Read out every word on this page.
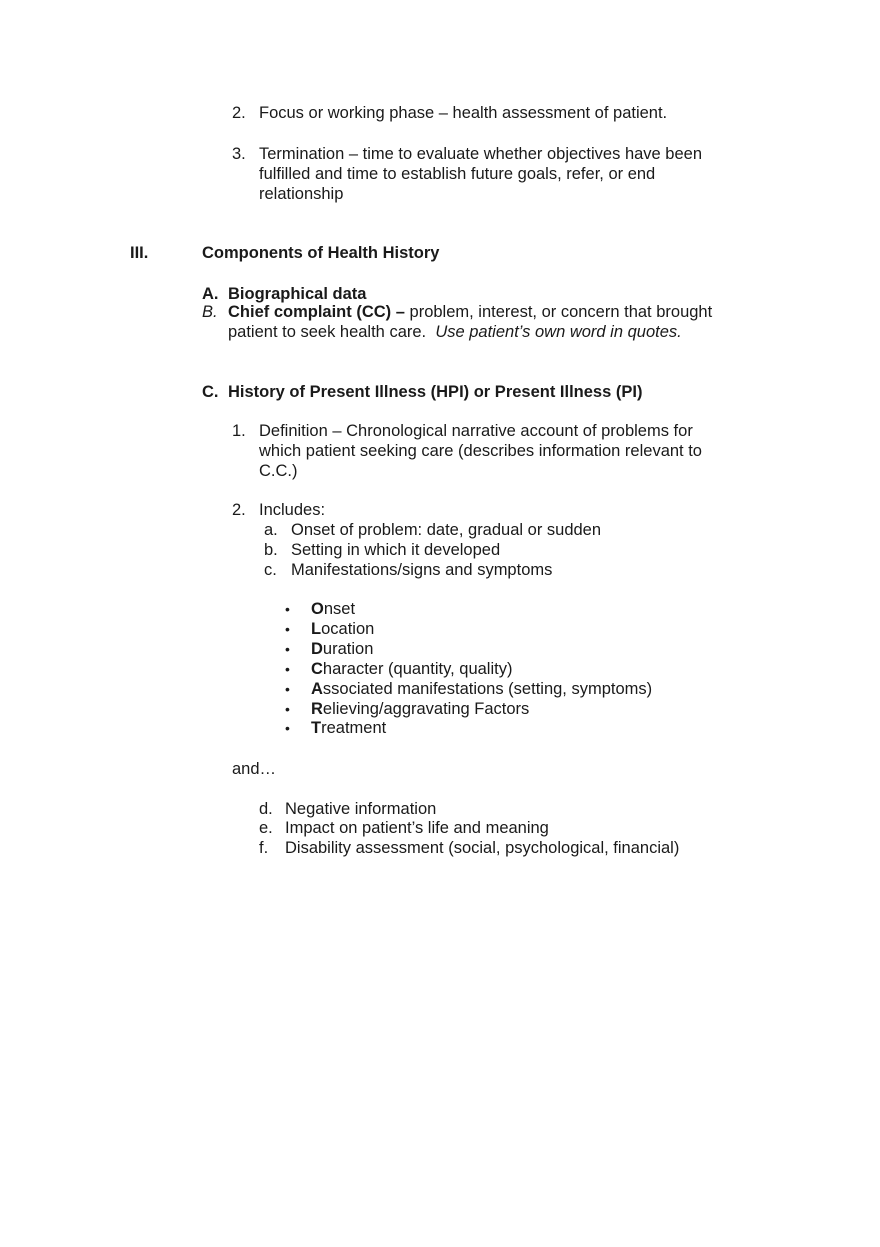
2. Focus or working phase – health assessment of patient.
3. Termination – time to evaluate whether objectives have been
fulfilled and time to establish future goals, refer, or end
relationship
III.	Components of Health History
A. Biographical data
B. Chief complaint (CC) – problem, interest, or concern that brought
patient to seek health care. Use patient’s own word in quotes.
C. History of Present Illness (HPI) or Present Illness (PI)
1. Definition – Chronological narrative account of problems for
which patient seeking care (describes information relevant to
C.C.)
2. Includes:
a. Onset of problem: date, gradual or sudden
b. Setting in which it developed
c. Manifestations/signs and symptoms
• Onset
• Location
• Duration
• Character (quantity, quality)
• Associated manifestations (setting, symptoms)
• Relieving/aggravating Factors
• Treatment
and…
d. Negative information
e. Impact on patient’s life and meaning
f. Disability assessment (social, psychological, financial)
